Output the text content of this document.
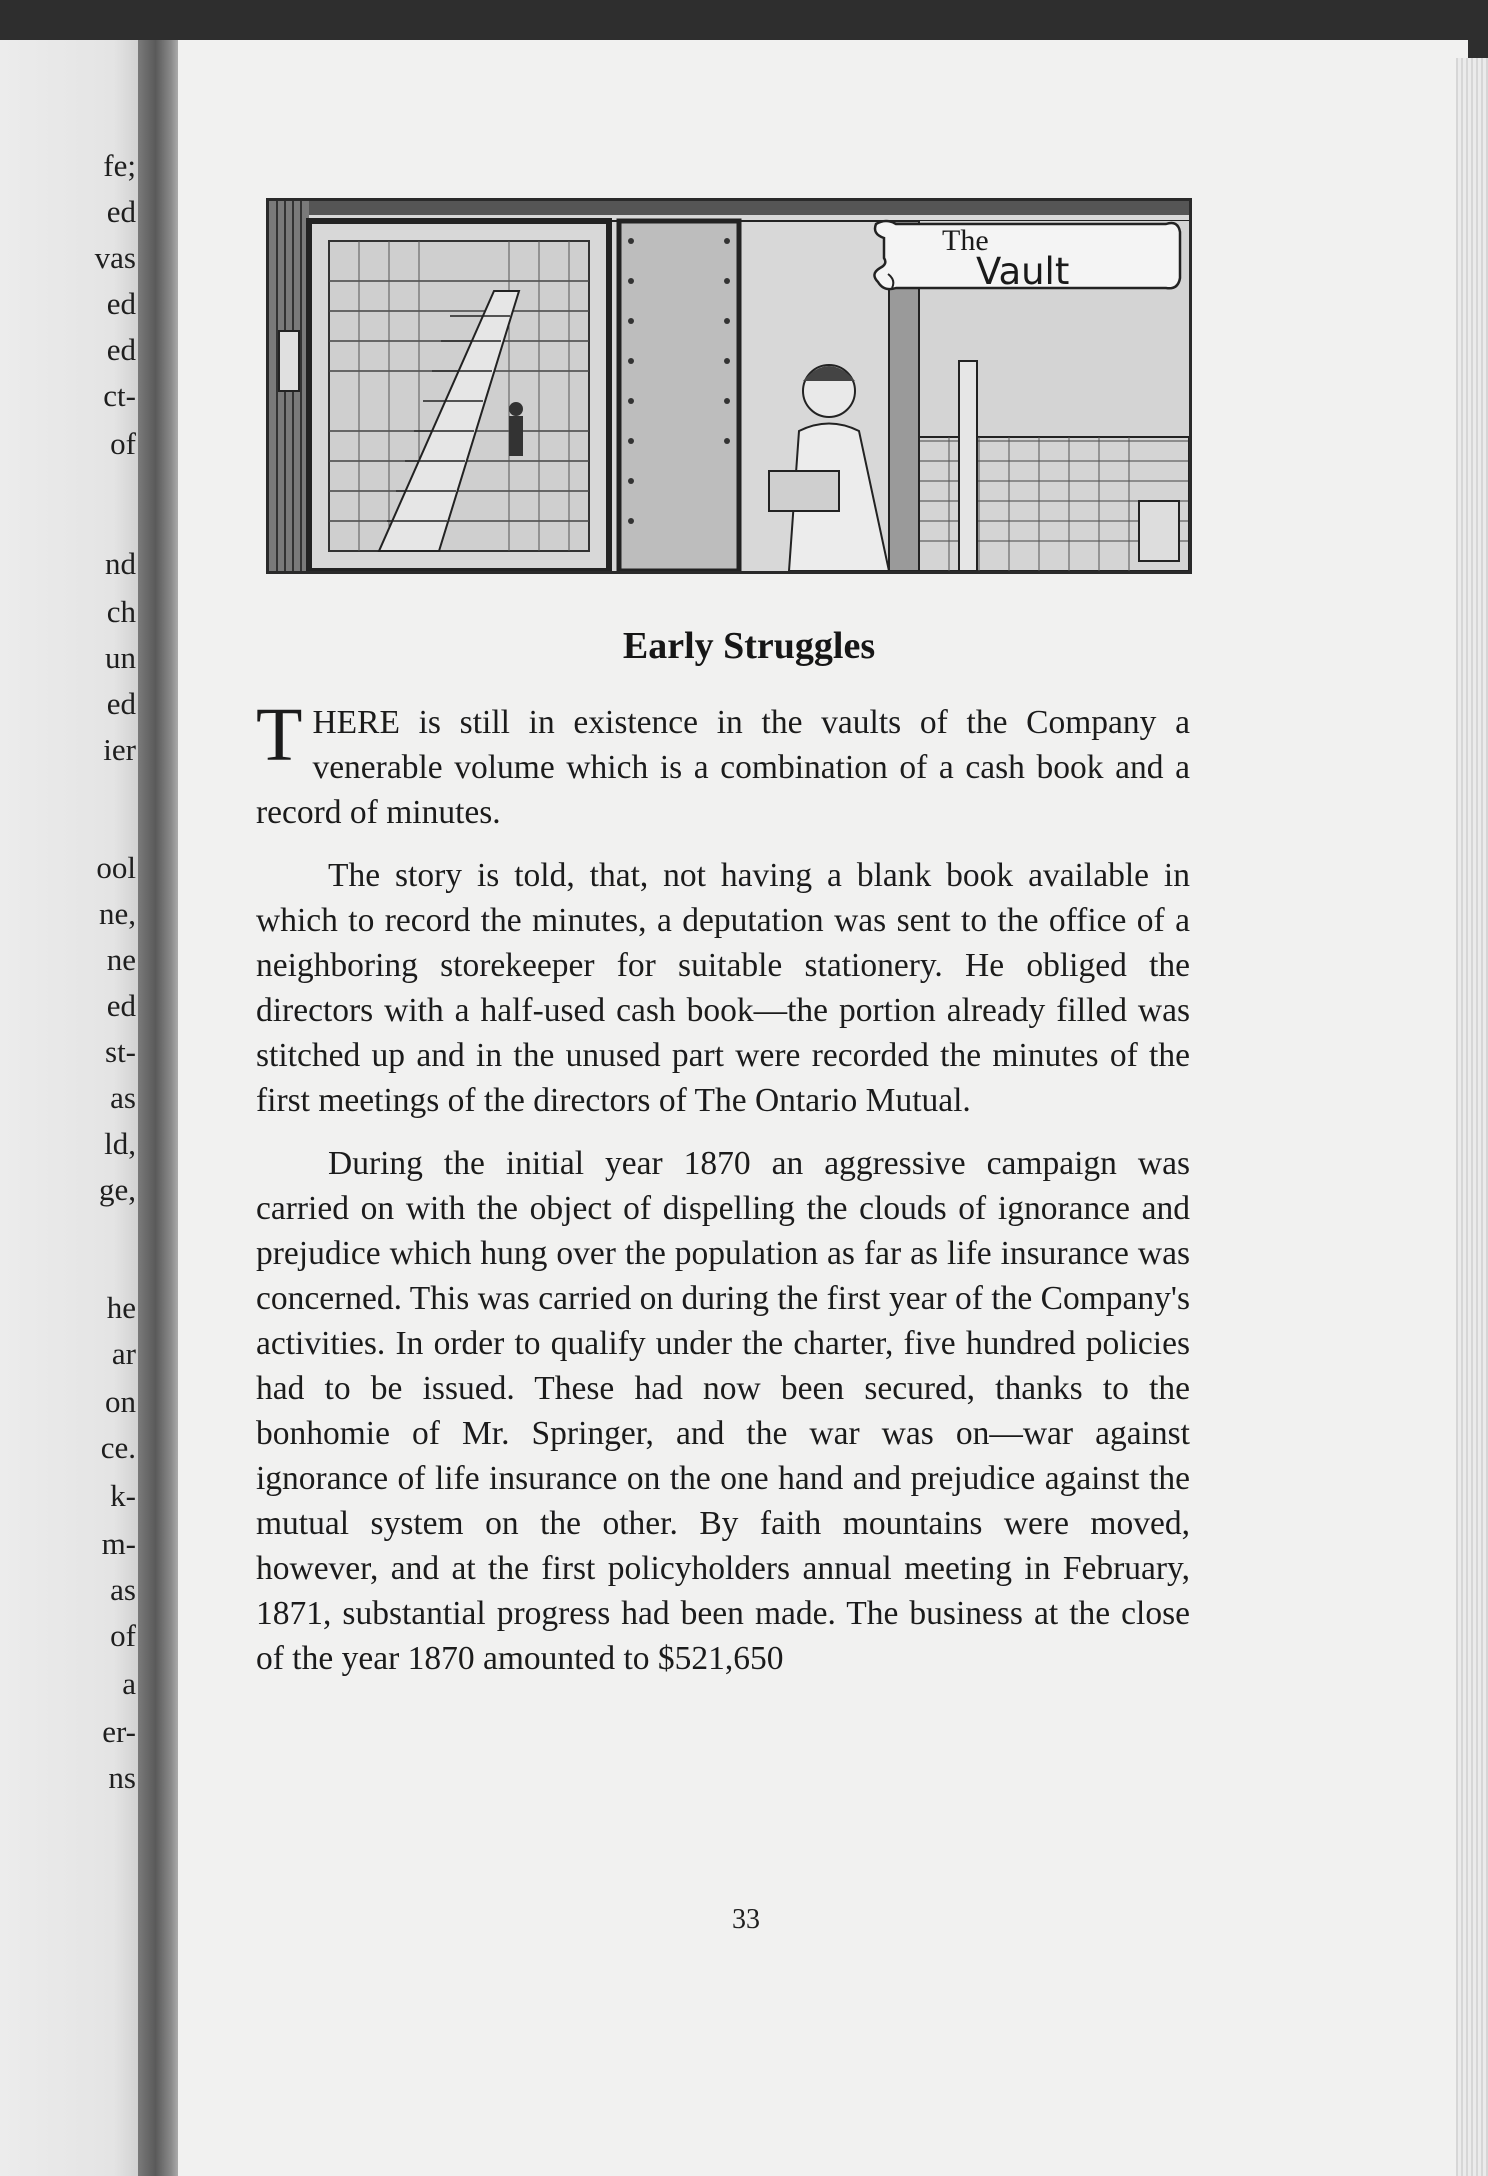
fe;
ed
vas
ed
ed
ct-
of
nd
ch
un
ed
ier
ool
ne,
ne
ed
st-
as
ld,
ge,
he
ar
on
ce.
k-
m-
as
of
a
er-
ns
The
Vault
Early Struggles

THERE is still in existence in the vaults of the Company a venerable volume which is a combination of a cash book and a record of minutes.

The story is told, that, not having a blank book available in which to record the minutes, a deputation was sent to the office of a neighboring storekeeper for suitable stationery. He obliged the directors with a half-used cash book—the portion already filled was stitched up and in the unused part were recorded the minutes of the first meetings of the directors of The Ontario Mutual.

During the initial year 1870 an aggressive campaign was carried on with the object of dispelling the clouds of ignorance and prejudice which hung over the population as far as life insurance was concerned. This was carried on during the first year of the Company's activities. In order to qualify under the charter, five hundred policies had to be issued. These had now been secured, thanks to the bonhomie of Mr. Springer, and the war was on—war against ignorance of life insurance on the one hand and prejudice against the mutual system on the other. By faith mountains were moved, however, and at the first policyholders annual meeting in February, 1871, substantial progress had been made. The business at the close of the year 1870 amounted to $521,650

33
